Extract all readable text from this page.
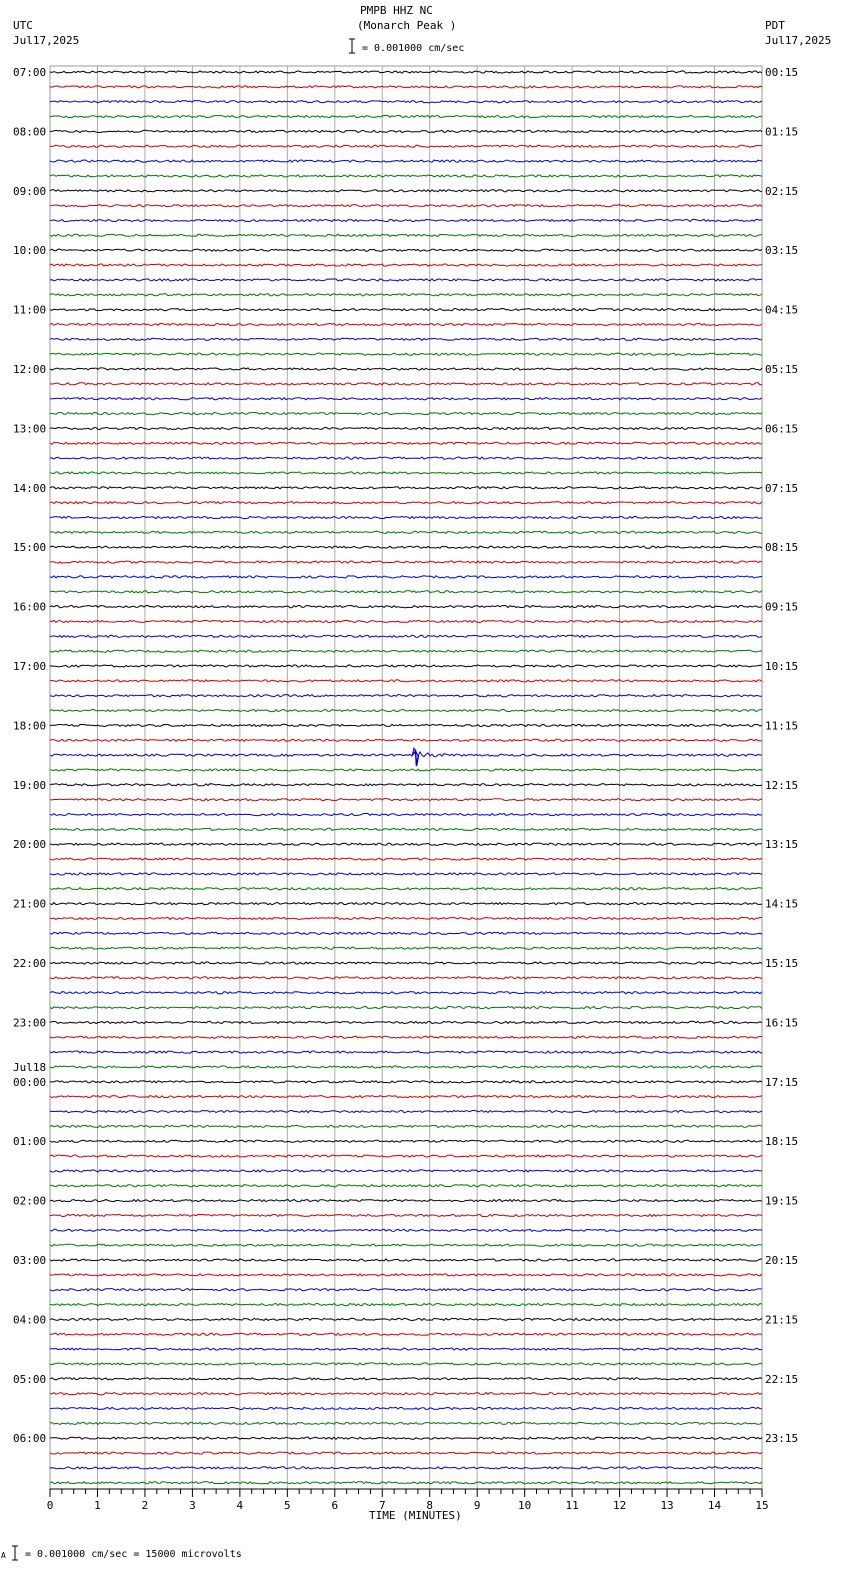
0	1	2	3	4	5	6	7	8	9	10	11	12	13	14	15
07:00
08:00
09:00
10:00
11:00
12:00
13:00
14:00
15:00
16:00
17:00
18:00
19:00
20:00
21:00
22:00
23:00
00:00
01:00
02:00
03:00
04:00
05:00
06:00
00:15
01:15
02:15
03:15
04:15
05:15
06:15
07:15
08:15
09:15
10:15
11:15
12:15
13:15
14:15
15:15
16:15
17:15
18:15
19:15
20:15
21:15
22:15
23:15
Jul18
PMPB HHZ NC
(Monarch Peak )
= 0.001000 cm/sec
UTC
Jul17,2025
PDT
Jul17,2025
TIME (MINUTES)
A = 0.001000 cm/sec = 15000 microvolts
